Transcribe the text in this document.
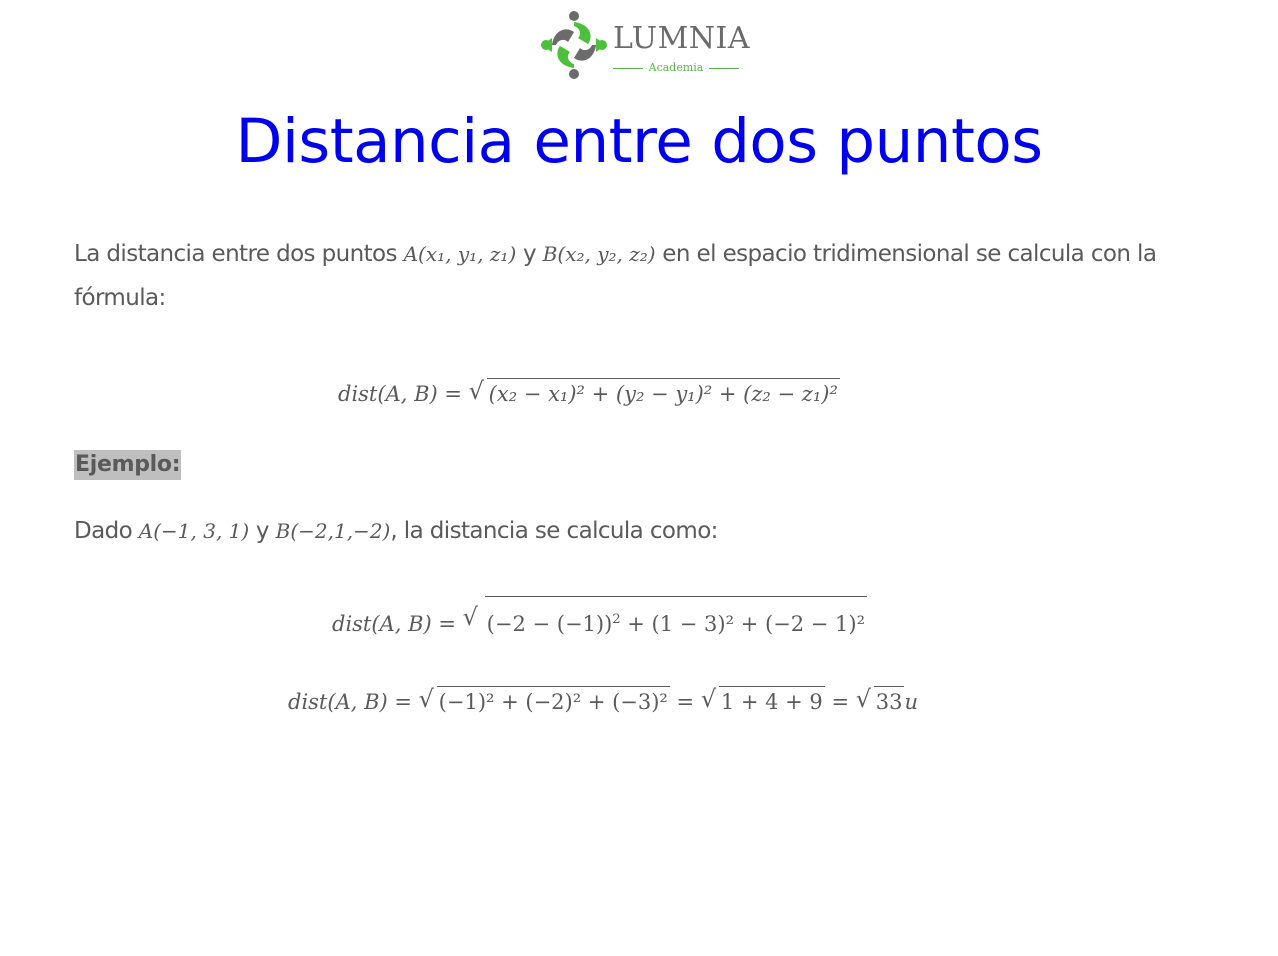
LUMNIA
Academia
Distancia entre dos puntos
La distancia entre dos puntos A(x₁, y₁, z₁) y B(x₂, y₂, z₂) en el espacio tridimensional se calcula con la fórmula:
dist(A, B) = √ (x₂ − x₁)² + (y₂ − y₁)² + (z₂ − z₁)²
Ejemplo:
Dado A(−1, 3, 1) y B(−2,1,−2), la distancia se calcula como:
dist(A, B) = √ $(-2 - (-1))^2 + (1 - 3)^2 + (-2 - 1)^2$
dist(A, B) = √ (−1)² + (−2)² + (−3)² = √ 1 + 4 + 9 = √ 33u
